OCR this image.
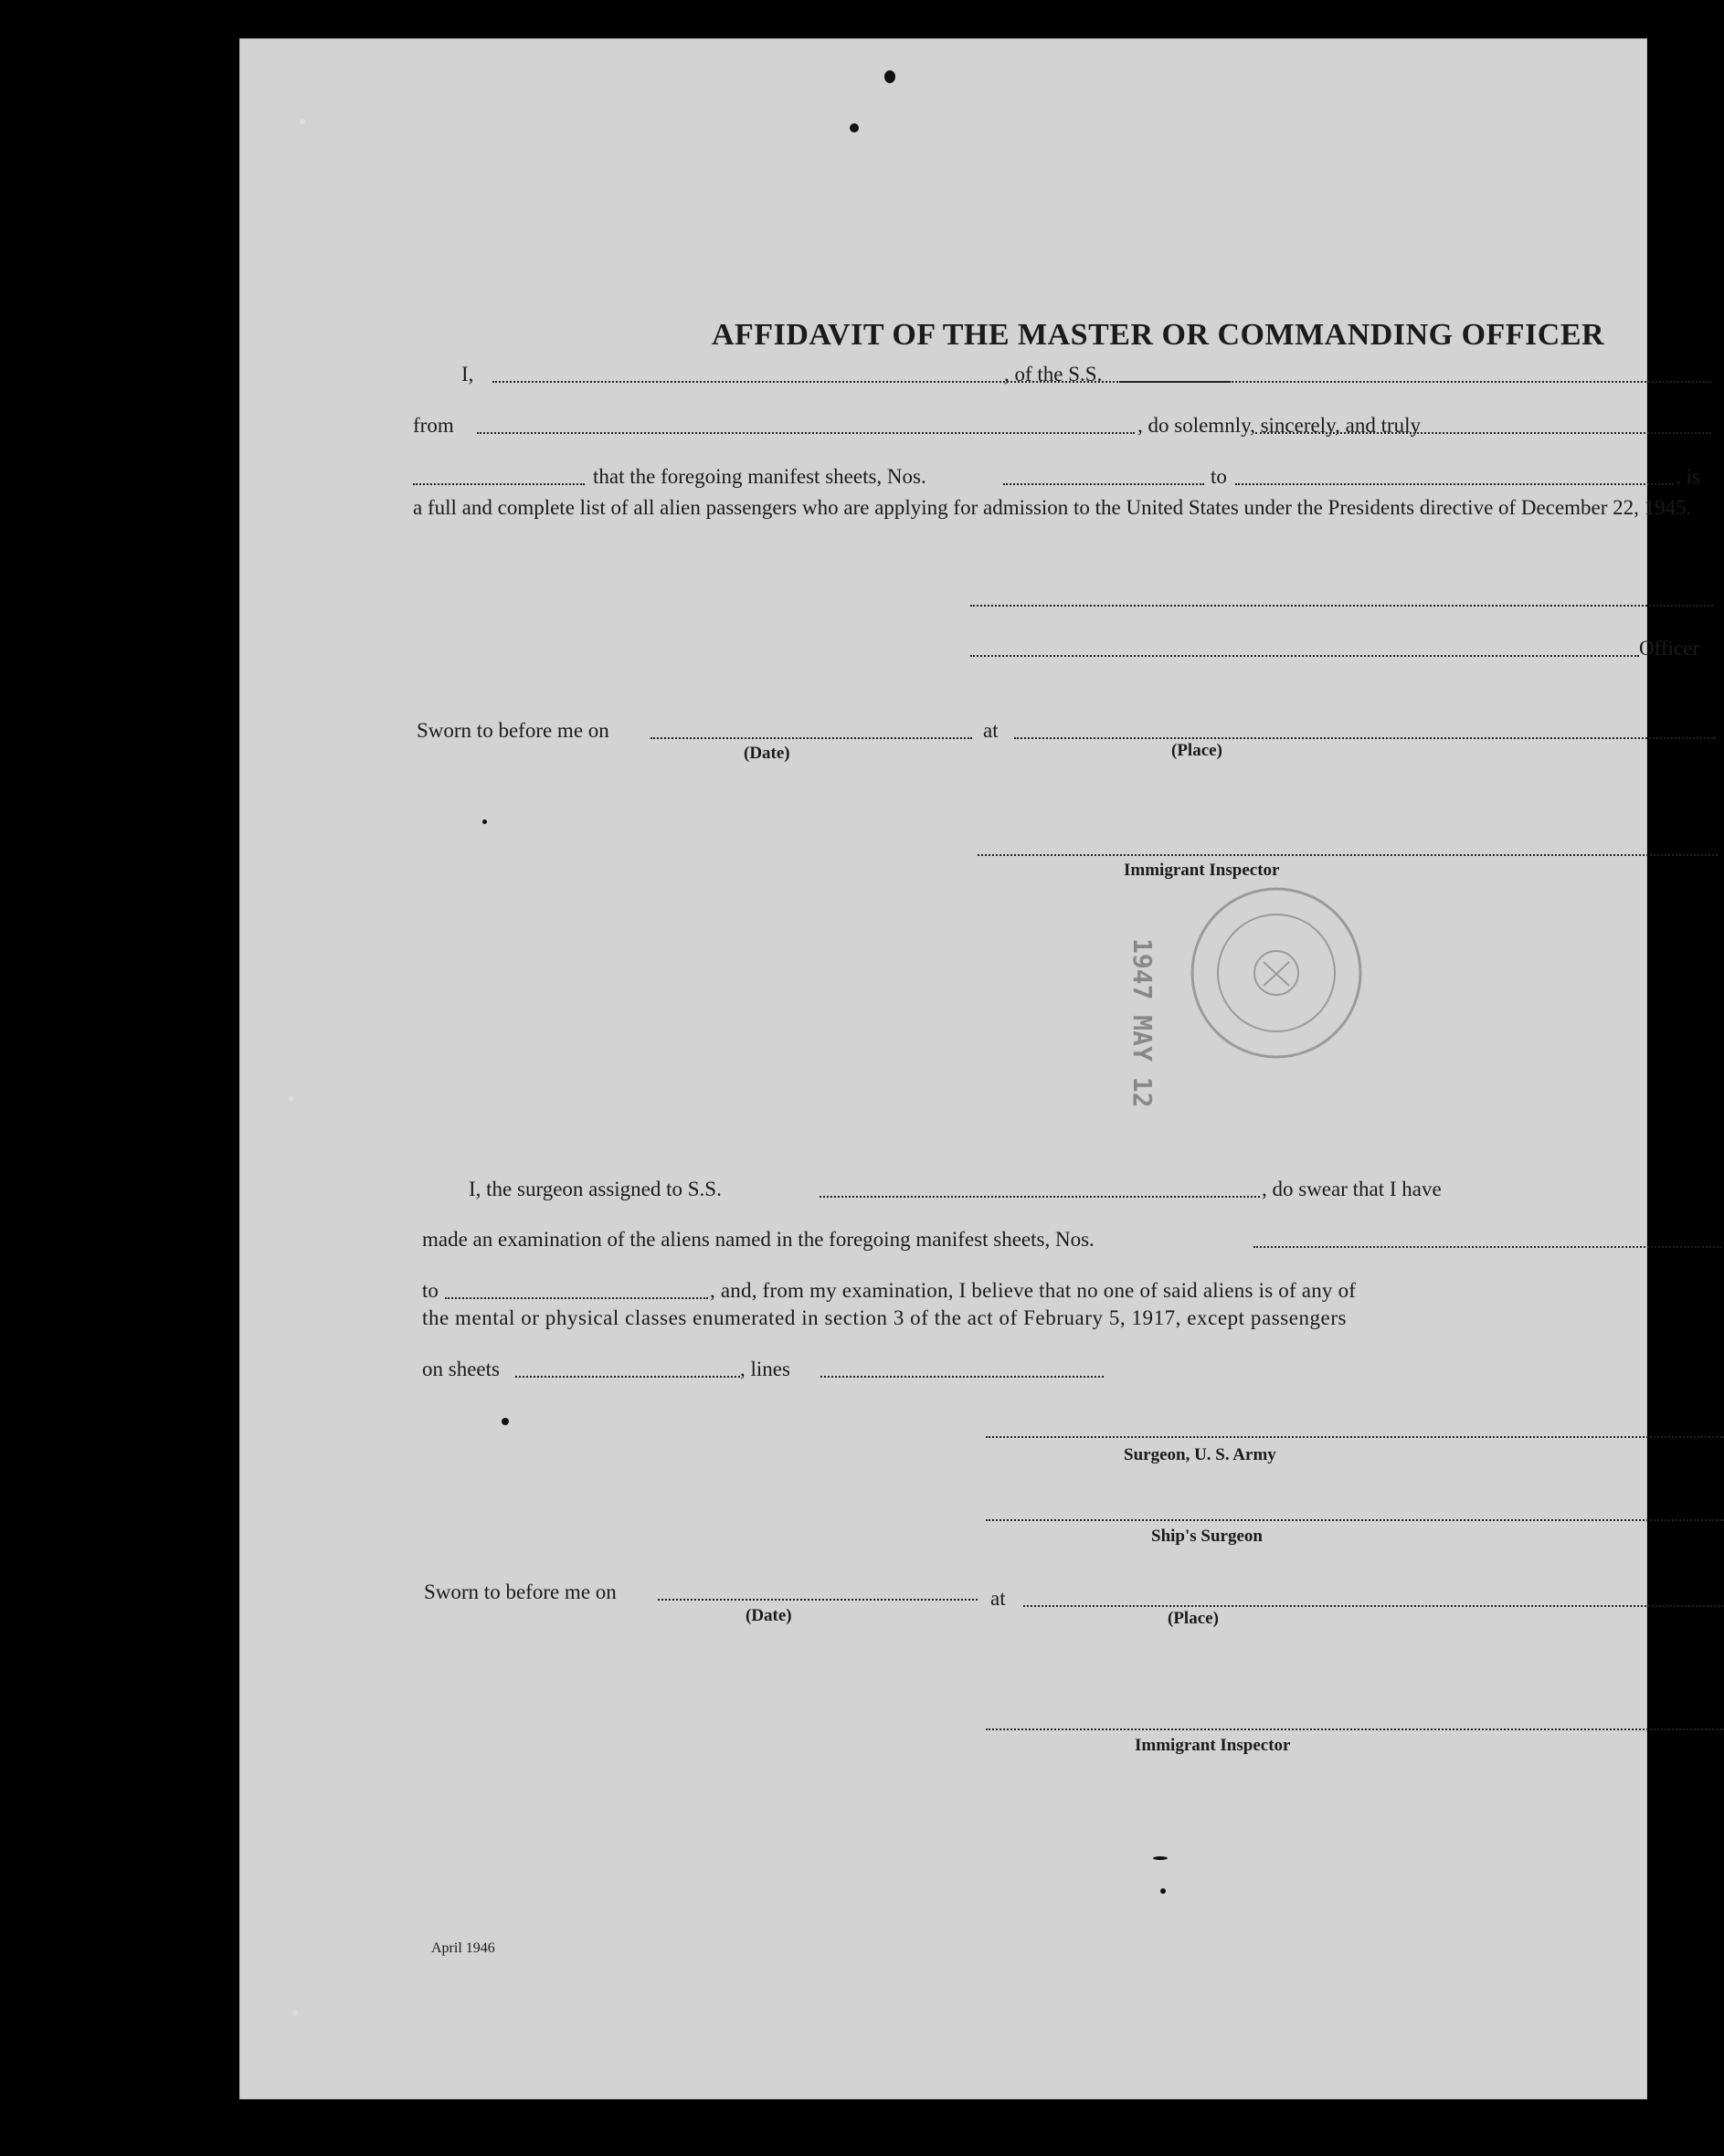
AFFIDAVIT OF THE MASTER OR COMMANDING OFFICER
I,	, of the S.S.
from	, do solemnly, sincerely, and truly
that the foregoing manifest sheets, Nos.	to	, is
a full and complete list of all alien passengers who are applying for admission to the United States under the Presidents directive of December 22, 1945.
Officer
Sworn to before me on	at
(Date)	(Place)
Immigrant Inspector
1947 MAY 12
I, the surgeon assigned to S.S.	, do swear that I have
made an examination of the aliens named in the foregoing manifest sheets, Nos.
to	, and, from my examination, I believe that no one of said aliens is of any of
the mental or physical classes enumerated in section 3 of the act of February 5, 1917, except passengers
on sheets	, lines
Surgeon, U. S. Army
Ship's Surgeon
Sworn to before me on	at
(Date)	(Place)
Immigrant Inspector
April 1946
